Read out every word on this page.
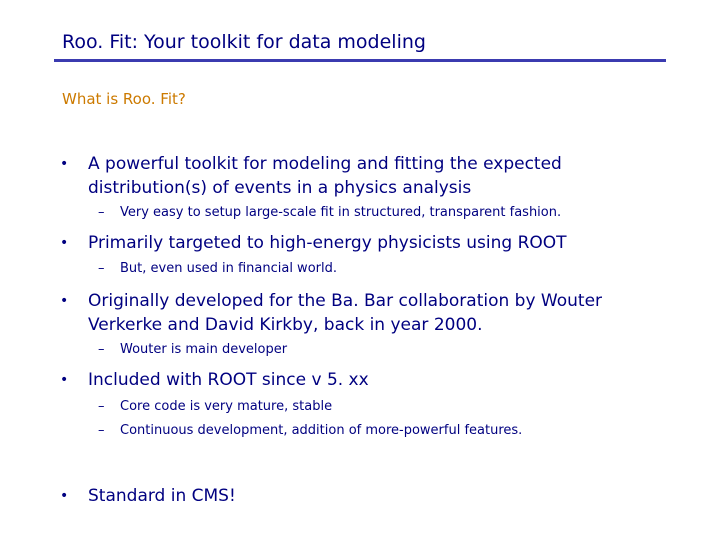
Roo. Fit: Your toolkit for data modeling
What is Roo. Fit?
•	A powerful toolkit for modeling and fitting the expected
distribution(s) of events in a physics analysis
– Very easy to setup large-scale fit in structured, transparent fashion.
•	Primarily targeted to high-energy physicists using ROOT
– But, even used in financial world.
•	Originally developed for the Ba. Bar collaboration by Wouter
Verkerke and David Kirkby, back in year 2000.
– Wouter is main developer
•	Included with ROOT since v 5. xx
– Core code is very mature, stable
– Continuous development, addition of more-powerful features.
•	Standard in CMS!
